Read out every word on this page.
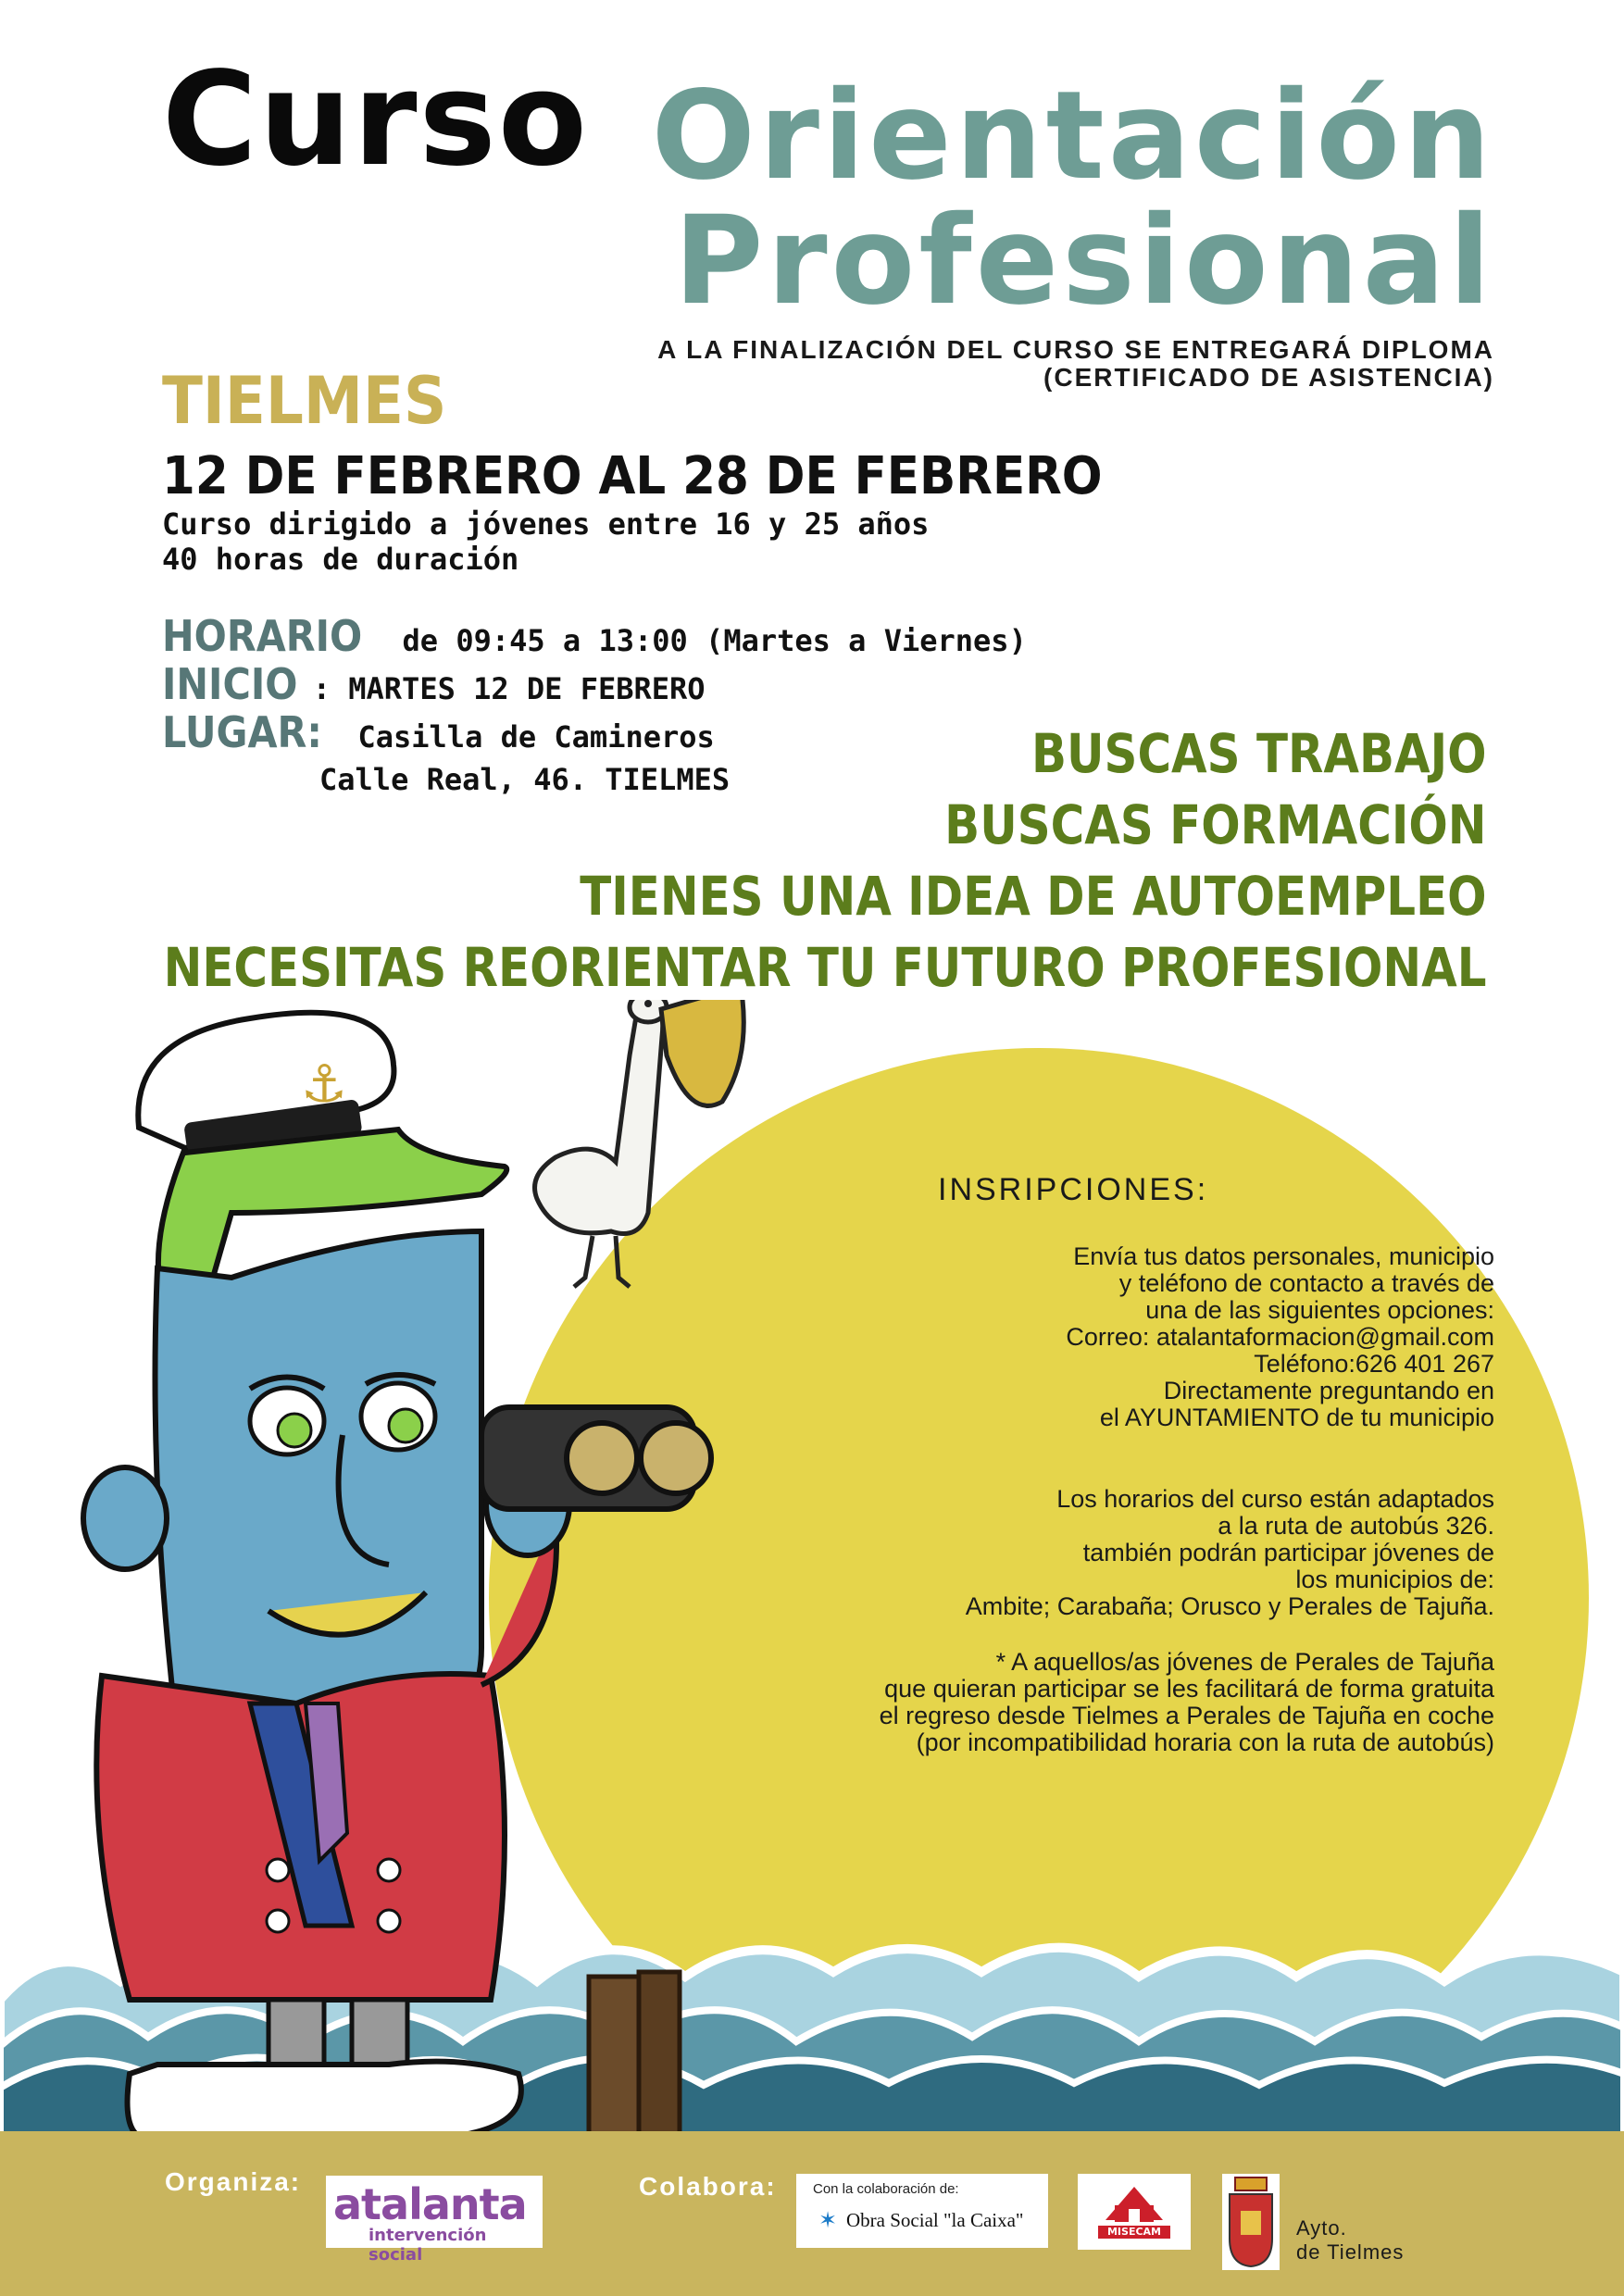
Curso Orientación
Profesional
A LA FINALIZACIÓN DEL CURSO SE ENTREGARÁ DIPLOMA
(CERTIFICADO DE ASISTENCIA)
TIELMES
12 DE FEBRERO AL 28 DE FEBRERO
Curso dirigido a jóvenes entre 16 y 25 años
40 horas de duración
HORARIO de 09:45 a 13:00 (Martes a Viernes)
INICIO : MARTES 12 DE FEBRERO
LUGAR: Casilla de Camineros
Calle Real, 46. TIELMES	BUSCAS TRABAJO
BUSCAS FORMACIÓN
TIENES UNA IDEA DE AUTOEMPLEO
NECESITAS REORIENTAR TU FUTURO PROFESIONAL
⚓
INSRIPCIONES:
Envía tus datos personales, municipio
y teléfono de contacto a través de
una de las siguientes opciones:
Correo: atalantaformacion@gmail.com
Teléfono:626 401 267
Directamente preguntando en
el AYUNTAMIENTO de tu municipio
Los horarios del curso están adaptados
a la ruta de autobús 326.
también podrán participar jóvenes de
los municipios de:
Ambite; Carabaña; Orusco y Perales de Tajuña.
* A aquellos/as jóvenes de Perales de Tajuña
que quieran participar se les facilitará de forma gratuita
el regreso desde Tielmes a Perales de Tajuña en coche
(por incompatibilidad horaria con la ruta de autobús)
Organiza:	Colabora:
atalanta
intervención social
Con la colaboración de:
✶ Obra Social "la Caixa"
MISECAM	Ayto.
de Tielmes
